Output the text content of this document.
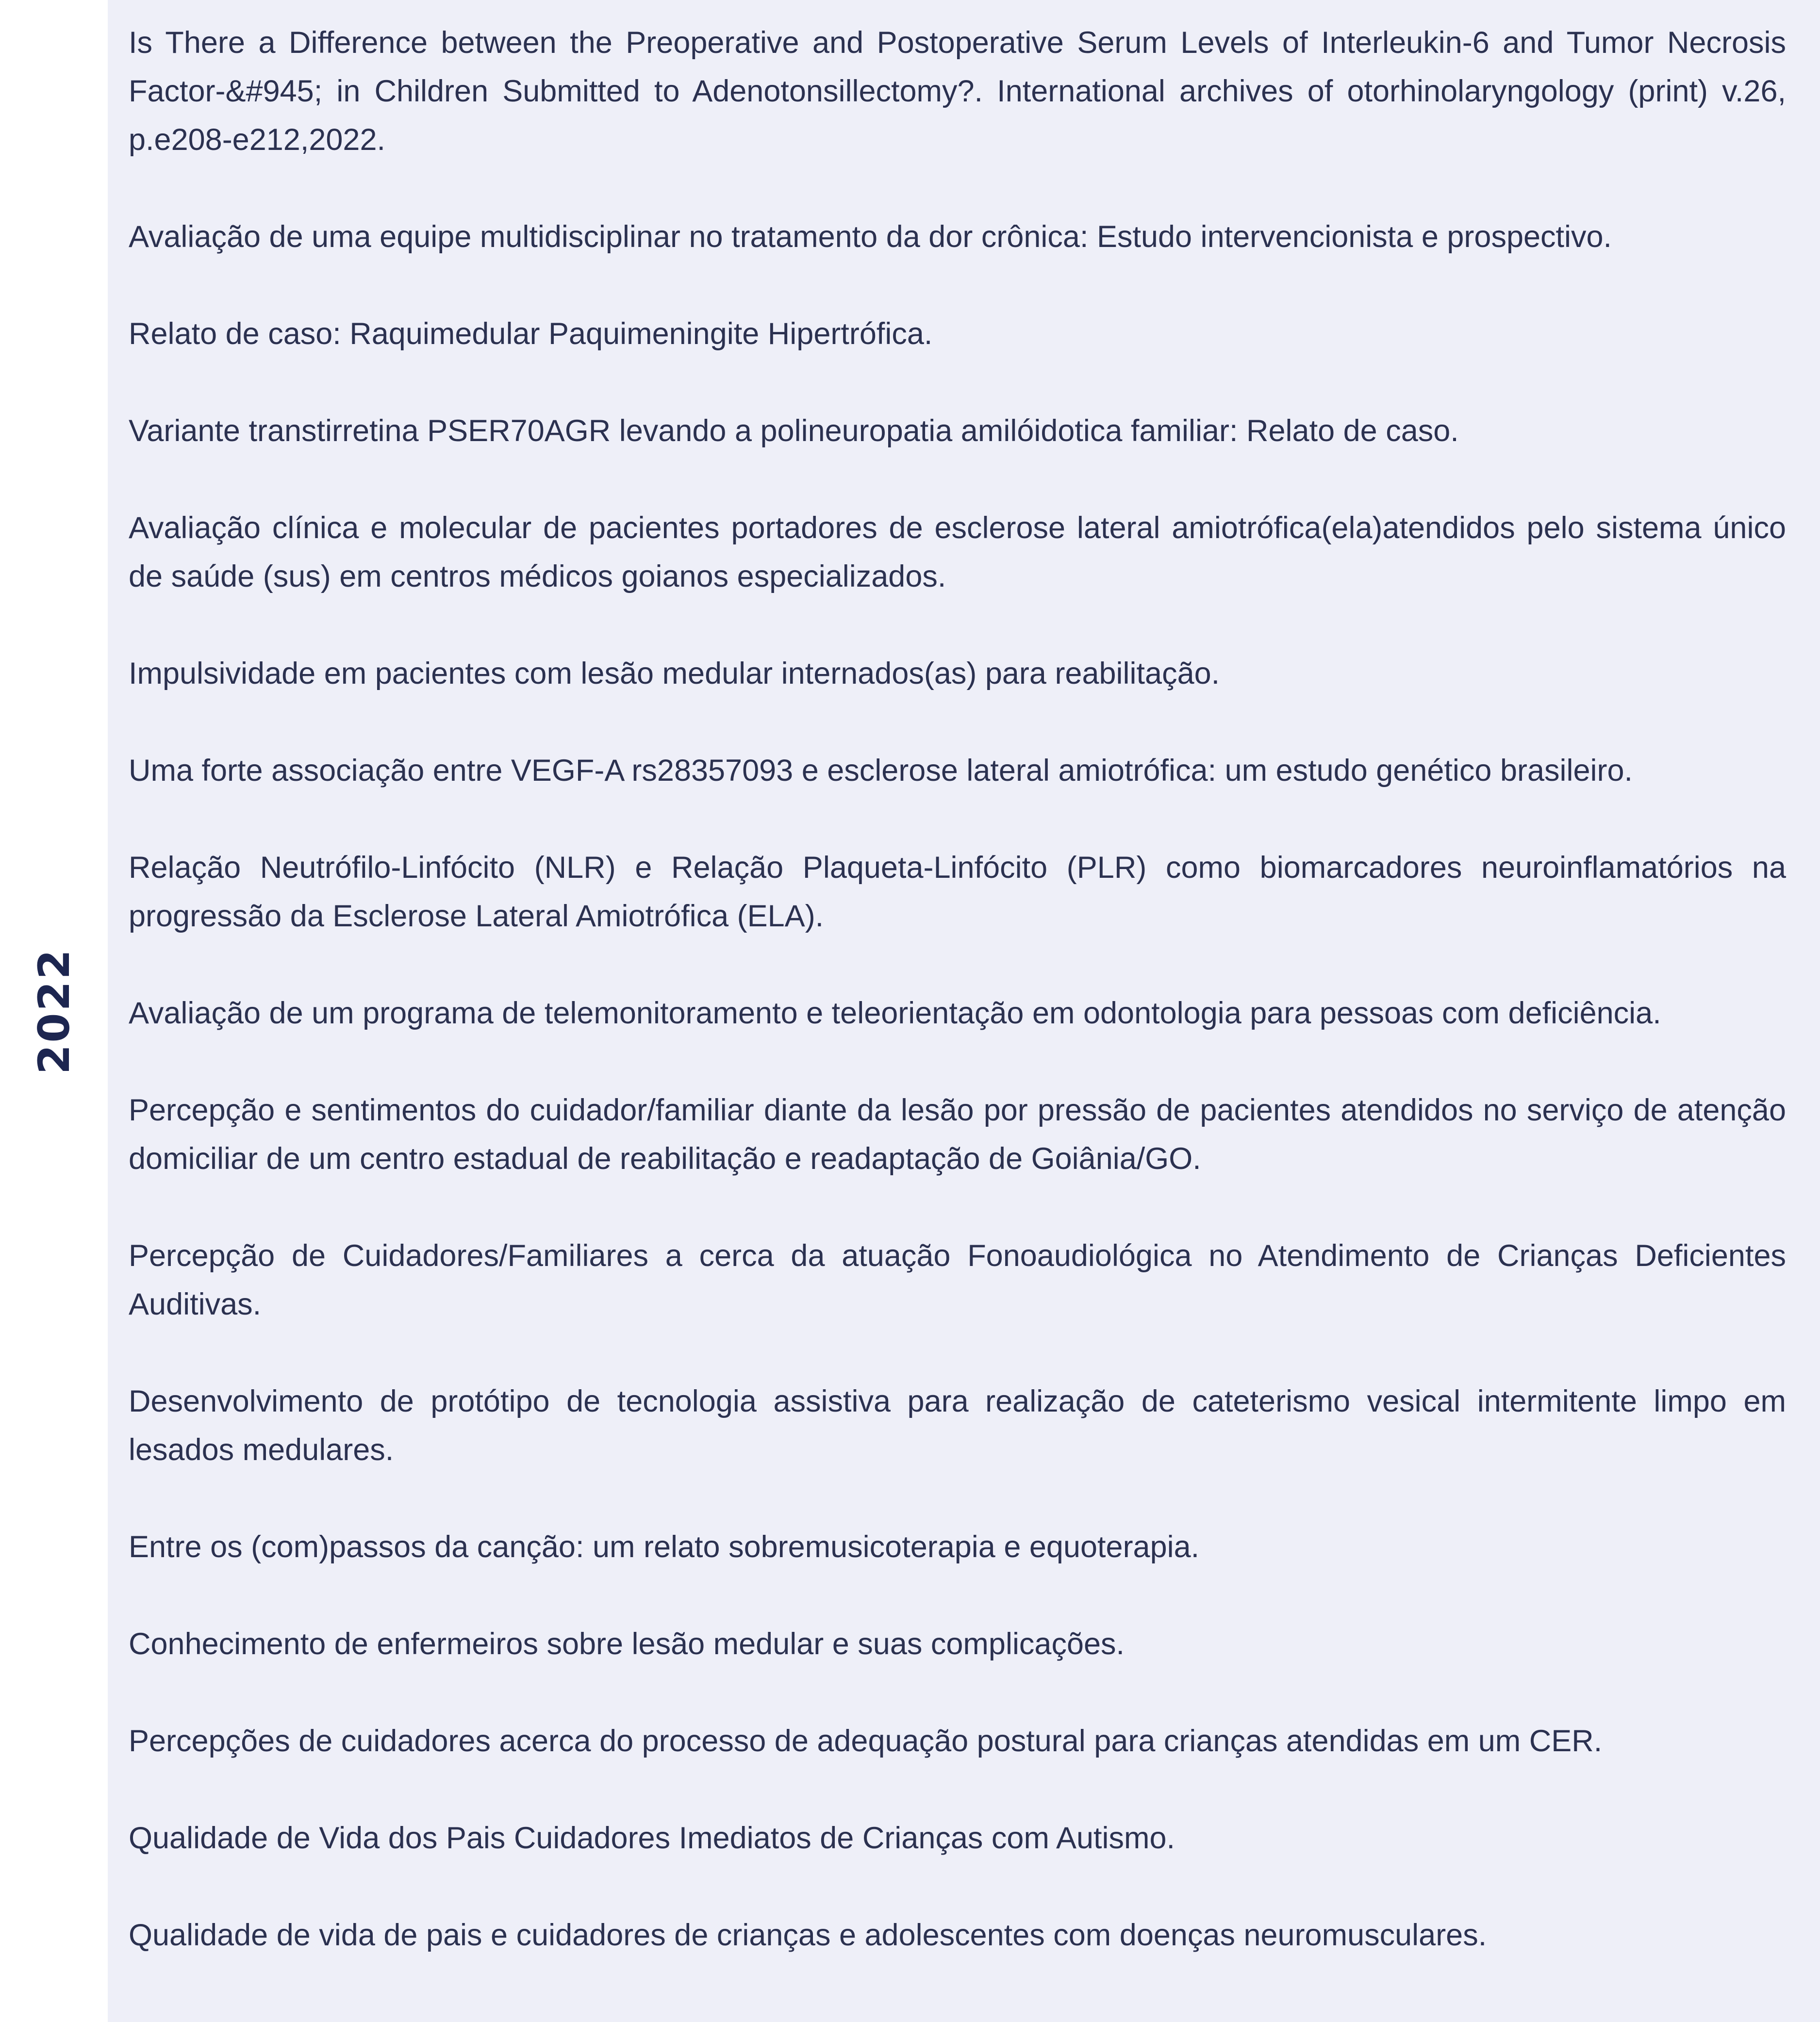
2022
Is There a Difference between the Preoperative and Postoperative Serum Levels of Interleukin-6 and Tumor Necrosis Factor-&#945; in Children Submitted to Adenotonsillectomy?. International archives of otorhinolaryngology (print) v.26, p.e208-e212,2022.
Avaliação de uma equipe multidisciplinar no tratamento da dor crônica: Estudo intervencionista e prospectivo.
Relato de caso: Raquimedular Paquimeningite Hipertrófica.
Variante transtirretina PSER70AGR levando a polineuropatia amilóidotica familiar: Relato de caso.
Avaliação clínica e molecular de pacientes portadores de esclerose lateral amiotrófica(ela)atendidos pelo sistema único de saúde (sus) em centros médicos goianos especializados.
Impulsividade em pacientes com lesão medular internados(as) para reabilitação.
Uma forte associação entre VEGF-A rs28357093 e esclerose lateral amiotrófica: um estudo genético brasileiro.
Relação Neutrófilo-Linfócito (NLR) e Relação Plaqueta-Linfócito (PLR) como biomarcadores neuroinflamatórios na progressão da Esclerose Lateral Amiotrófica (ELA).
Avaliação de um programa de telemonitoramento e teleorientação em odontologia para pessoas com deficiência.
Percepção e sentimentos do cuidador/familiar diante da lesão por pressão de pacientes atendidos no serviço de atenção domiciliar de um centro estadual de reabilitação e readaptação de Goiânia/GO.
Percepção de Cuidadores/Familiares a cerca da atuação Fonoaudiológica no Atendimento de Crianças Deficientes Auditivas.
Desenvolvimento de protótipo de tecnologia assistiva para realização de cateterismo vesical intermitente limpo em lesados medulares.
Entre os (com)passos da canção: um relato sobremusicoterapia e equoterapia.
Conhecimento de enfermeiros sobre lesão medular e suas complicações.
Percepções de cuidadores acerca do processo de adequação postural para crianças atendidas em um CER.
Qualidade de Vida dos Pais Cuidadores Imediatos de Crianças com Autismo.
Qualidade de vida de pais e cuidadores de crianças e adolescentes com doenças neuromusculares.
